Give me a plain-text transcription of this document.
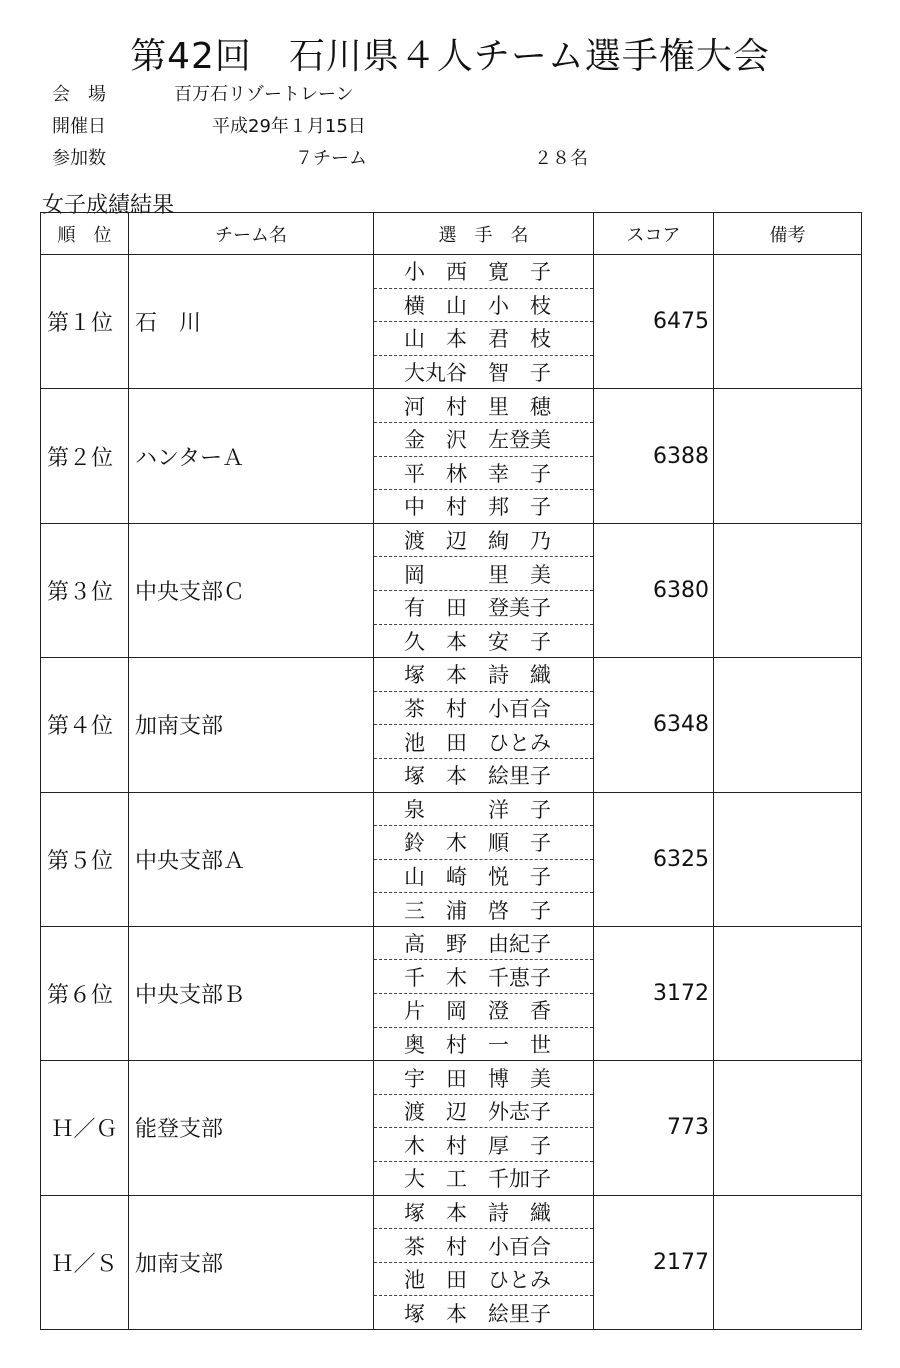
第42回　石川県４人チーム選手権大会
会　場	百万石リゾートレーン
開催日	平成29年１月15日
参加数	７チーム	２８名
女子成績結果
順　位	チーム名	選　手　名	スコア	備考
第１位	石　川	小　西　寛　子	6475	

		横　山　小　枝		

		山　本　君　枝		

		大丸谷　智　子		

第２位	ハンターＡ	河　村　里　穂	6388	

		金　沢　左登美		

		平　林　幸　子		

		中　村　邦　子		

第３位	中央支部Ｃ	渡　辺　絢　乃	6380	

		岡　　　里　美		

		有　田　登美子		

		久　本　安　子		

第４位	加南支部	塚　本　詩　織	6348	

		茶　村　小百合		

		池　田　ひとみ		

		塚　本　絵里子		

第５位	中央支部Ａ	泉　　　洋　子	6325	

		鈴　木　順　子		

		山　崎　悦　子		

		三　浦　啓　子		

第６位	中央支部Ｂ	高　野　由紀子	3172	

		千　木　千恵子		

		片　岡　澄　香		

		奥　村　一　世		

Ｈ／Ｇ	能登支部	宇　田　博　美	773	

		渡　辺　外志子		

		木　村　厚　子		

		大　工　千加子		

Ｈ／Ｓ	加南支部	塚　本　詩　織	2177	

		茶　村　小百合		

		池　田　ひとみ		

		塚　本　絵里子		
